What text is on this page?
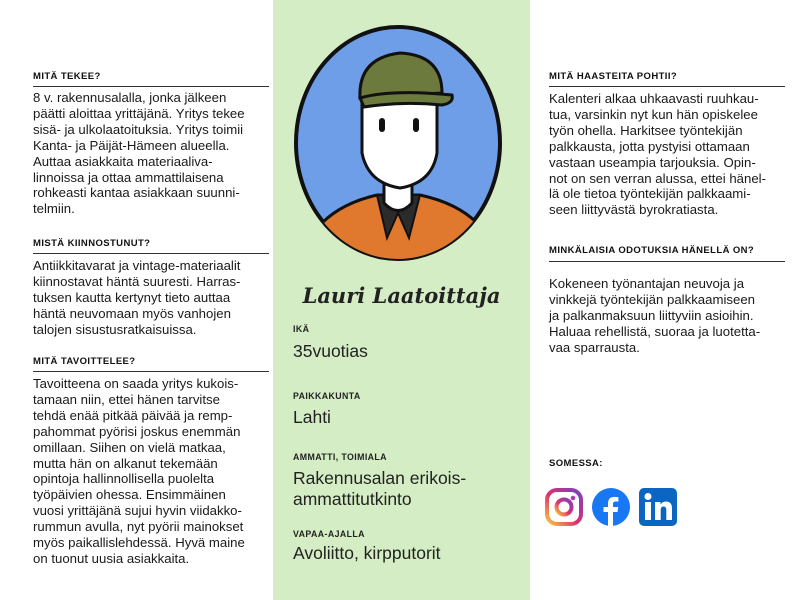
MITÄ TEKEE?
8 v. rakennusalalla, jonka jälkeen
päätti aloittaa yrittäjänä. Yritys tekee
sisä- ja ulkolaatoituksia. Yritys toimii
Kanta- ja Päijät-Hämeen alueella.
Auttaa asiakkaita materiaaliva-
linnoissa ja ottaa ammattilaisena
rohkeasti kantaa asiakkaan suunni-
telmiin.
MISTÄ KIINNOSTUNUT?
Antiikkitavarat ja vintage-materiaalit
kiinnostavat häntä suuresti. Harras-
tuksen kautta kertynyt tieto auttaa
häntä neuvomaan myös vanhojen
talojen sisustusratkaisuissa.
MITÄ TAVOITTELEE?
Tavoitteena on saada yritys kukois-
tamaan niin, ettei hänen tarvitse
tehdä enää pitkää päivää ja remp-
pahommat pyörisi joskus enemmän
omillaan. Siihen on vielä matkaa,
mutta hän on alkanut tekemään
opintoja hallinnollisella puolelta
työpäivien ohessa. Ensimmäinen
vuosi yrittäjänä sujui hyvin viidakko-
rummun avulla, nyt pyörii mainokset
myös paikallislehdessä. Hyvä maine
on tuonut uusia asiakkaita.
Lauri Laatoittaja
IKÄ
35vuotias
PAIKKAKUNTA
Lahti
AMMATTI, TOIMIALA
Rakennusalan erikois-
ammattitutkinto
VAPAA-AJALLA
Avoliitto, kirpputorit
MITÄ HAASTEITA POHTII?
Kalenteri alkaa uhkaavasti ruuhkau-
tua, varsinkin nyt kun hän opiskelee
työn ohella. Harkitsee työntekijän
palkkausta, jotta pystyisi ottamaan
vastaan useampia tarjouksia. Opin-
not on sen verran alussa, ettei hänel-
lä ole tietoa työntekijän palkkaami-
seen liittyvästä byrokratiasta.
MINKÄLAISIA ODOTUKSIA HÄNELLÄ ON?
Kokeneen työnantajan neuvoja ja
vinkkejä työntekijän palkkaamiseen
ja palkanmaksuun liittyviin asioihin.
Haluaa rehellistä, suoraa ja luotetta-
vaa sparrausta.
SOMESSA:
